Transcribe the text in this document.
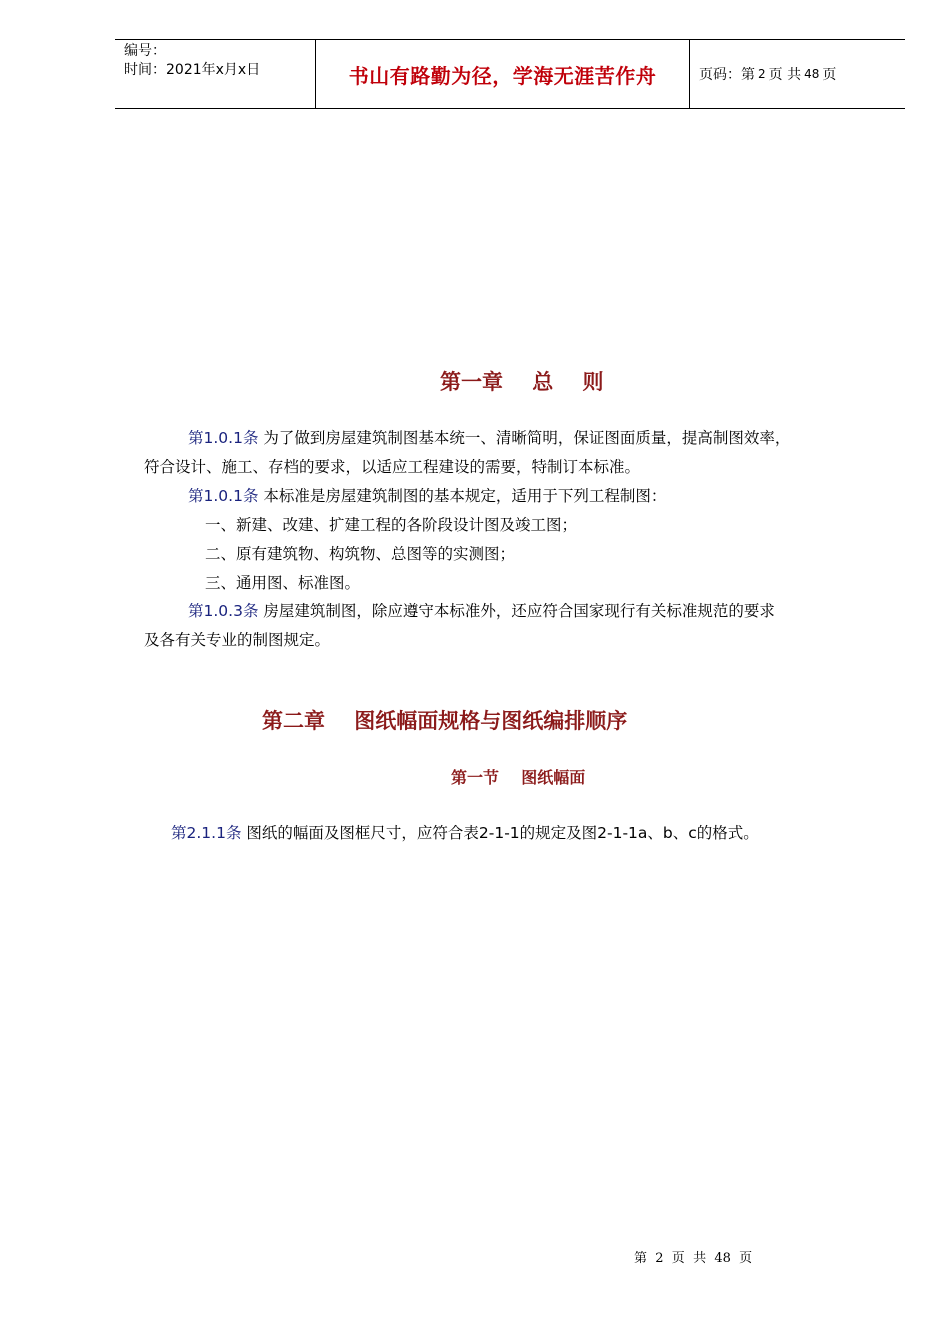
编号：
时间：2021年x月x日	书山有路勤为径，学海无涯苦作舟	页码：第 2 页 共 48 页
第一章    总    则
第1.0.1条 为了做到房屋建筑制图基本统一、清晰简明，保证图面质量，提高制图效率，
符合设计、施工、存档的要求，以适应工程建设的需要，特制订本标准。
第1.0.1条 本标准是房屋建筑制图的基本规定，适用于下列工程制图：
一、新建、改建、扩建工程的各阶段设计图及竣工图；
二、原有建筑物、构筑物、总图等的实测图；
三、通用图、标准图。
第1.0.3条 房屋建筑制图，除应遵守本标准外，还应符合国家现行有关标准规范的要求
及各有关专业的制图规定。
第二章    图纸幅面规格与图纸编排顺序
第一节    图纸幅面
第2.1.1条 图纸的幅面及图框尺寸，应符合表2-1-1的规定及图2-1-1a、b、c的格式。
第  2  页  共  48  页
